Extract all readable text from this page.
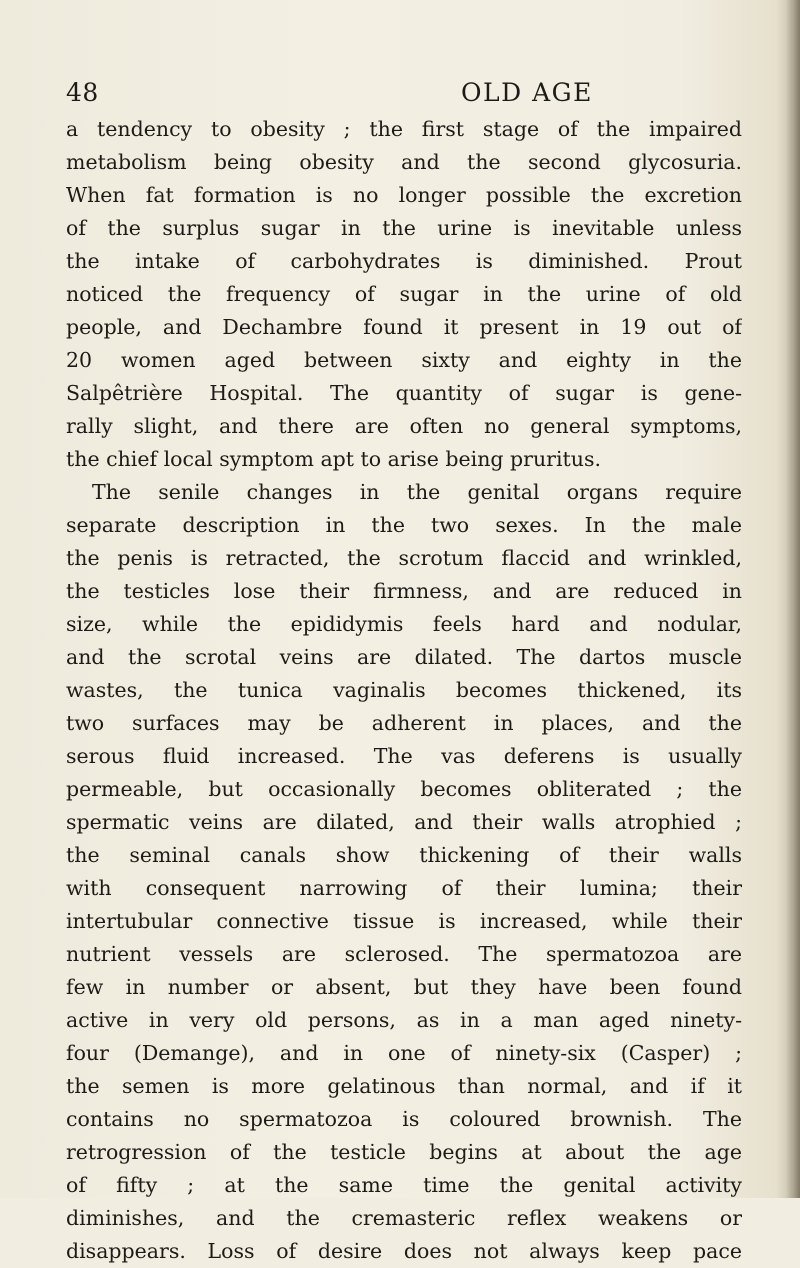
48	OLD AGE
a tendency to obesity ; the first stage of the impaired
metabolism being obesity and the second glycosuria.
When fat formation is no longer possible the excretion
of the surplus sugar in the urine is inevitable unless
the intake of carbohydrates is diminished. Prout
noticed the frequency of sugar in the urine of old
people, and Dechambre found it present in 19 out of
20 women aged between sixty and eighty in the
Salpêtrière Hospital. The quantity of sugar is gene-
rally slight, and there are often no general symptoms,
the chief local symptom apt to arise being pruritus.
The senile changes in the genital organs require
separate description in the two sexes. In the male
the penis is retracted, the scrotum flaccid and wrinkled,
the testicles lose their firmness, and are reduced in
size, while the epididymis feels hard and nodular,
and the scrotal veins are dilated. The dartos muscle
wastes, the tunica vaginalis becomes thickened, its
two surfaces may be adherent in places, and the
serous fluid increased. The vas deferens is usually
permeable, but occasionally becomes obliterated ; the
spermatic veins are dilated, and their walls atrophied ;
the seminal canals show thickening of their walls
with consequent narrowing of their lumina; their
intertubular connective tissue is increased, while their
nutrient vessels are sclerosed. The spermatozoa are
few in number or absent, but they have been found
active in very old persons, as in a man aged ninety-
four (Demange), and in one of ninety-six (Casper) ;
the semen is more gelatinous than normal, and if it
contains no spermatozoa is coloured brownish. The
retrogression of the testicle begins at about the age
of fifty ; at the same time the genital activity
diminishes, and the cremasteric reflex weakens or
disappears. Loss of desire does not always keep pace
